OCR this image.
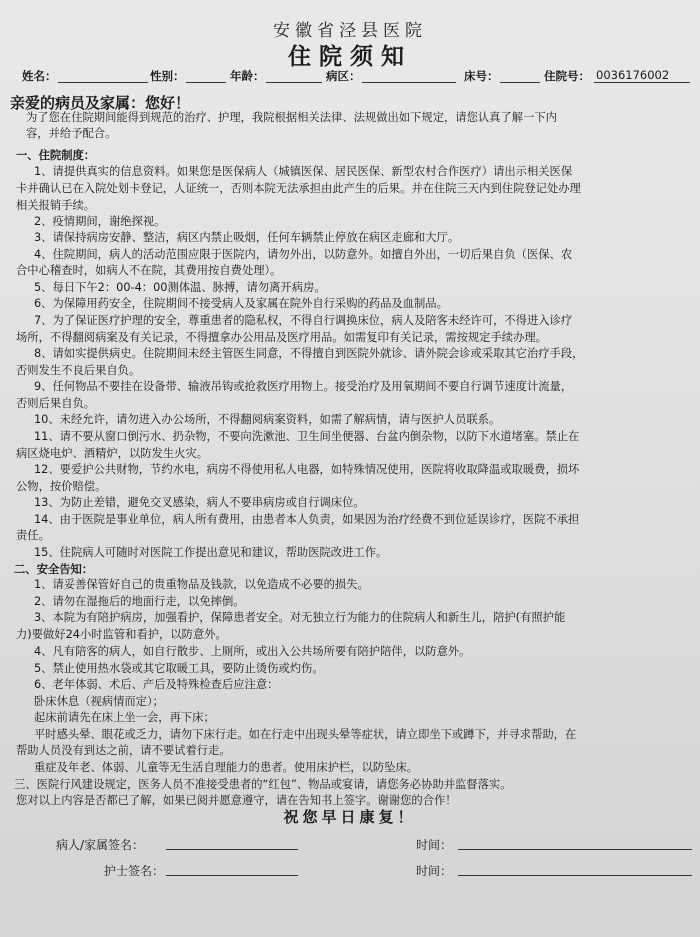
安徽省泾县医院
住院须知
姓名：	性别：	年龄：	病区：	床号：	住院号： 0036176002
亲爱的病员及家属：您好！
为了您在住院期间能得到规范的治疗、护理，我院根据相关法律、法规做出如下规定，请您认真了解一下内
容，并给予配合。
一、住院制度：
1、请提供真实的信息资料。如果您是医保病人（城镇医保、居民医保、新型农村合作医疗）请出示相关医保
卡并确认已在入院处划卡登记，人证统一，否则本院无法承担由此产生的后果。并在住院三天内到住院登记处办理
相关报销手续。
2、疫情期间，谢绝探视。
3、请保持病房安静、整洁，病区内禁止吸烟，任何车辆禁止停放在病区走廊和大厅。
4、住院期间，病人的活动范围应限于医院内，请勿外出，以防意外。如擅自外出，一切后果自负（医保、农
合中心稽查时，如病人不在院，其费用按自费处理）。
5、每日下午2：00-4：00测体温、脉搏，请勿离开病房。
6、为保障用药安全，住院期间不接受病人及家属在院外自行采购的药品及血制品。
7、为了保证医疗护理的安全，尊重患者的隐私权，不得自行调换床位，病人及陪客未经许可，不得进入诊疗
场所，不得翻阅病案及有关记录，不得擅拿办公用品及医疗用品。如需复印有关记录，需按规定手续办理。
8、请如实提供病史。住院期间未经主管医生同意，不得擅自到医院外就诊、请外院会诊或采取其它治疗手段，
否则发生不良后果自负。
9、任何物品不要挂在设备带、输液吊钩或抢救医疗用物上。接受治疗及用氧期间不要自行调节速度计流量，
否则后果自负。
10、未经允许，请勿进入办公场所，不得翻阅病案资料，如需了解病情，请与医护人员联系。
11、请不要从窗口倒污水、扔杂物，不要向洗漱池、卫生间坐便器、台盆内倒杂物，以防下水道堵塞。禁止在
病区烧电炉、酒精炉，以防发生火灾。
12、要爱护公共财物，节约水电，病房不得使用私人电器，如特殊情况使用，医院将收取降温或取暖费，损坏
公物，按价赔偿。
13、为防止差错，避免交叉感染，病人不要串病房或自行调床位。
14、由于医院是事业单位，病人所有费用，由患者本人负责，如果因为治疗经费不到位延误诊疗，医院不承担
责任。
15、住院病人可随时对医院工作提出意见和建议，帮助医院改进工作。
二、安全告知：
1、请妥善保管好自己的贵重物品及钱款，以免造成不必要的损失。
2、请勿在湿拖后的地面行走，以免摔倒。
3、本院为有陪护病房，加强看护，保障患者安全。对无独立行为能力的住院病人和新生儿，陪护(有照护能
力)要做好24小时监管和看护，以防意外。
4、凡有陪客的病人，如自行散步、上厕所，或出入公共场所要有陪护陪伴，以防意外。
5、禁止使用热水袋或其它取暖工具，要防止烫伤或灼伤。
6、老年体弱、术后、产后及特殊检查后应注意：
卧床休息（视病情而定）；
起床前请先在床上坐一会，再下床；
平时感头晕、眼花或乏力，请勿下床行走。如在行走中出现头晕等症状，请立即坐下或蹲下，并寻求帮助，在
帮助人员没有到达之前，请不要试着行走。
重症及年老、体弱、儿童等无生活自理能力的患者。使用床护栏，以防坠床。
三、医院行风建设规定，医务人员不准接受患者的“红包”、物品或宴请，请您务必协助并监督落实。
您对以上内容是否都已了解，如果已阅并愿意遵守，请在告知书上签字。谢谢您的合作！
祝您早日康复！
病人/家属签名：	时间：
护士签名：	时间：
